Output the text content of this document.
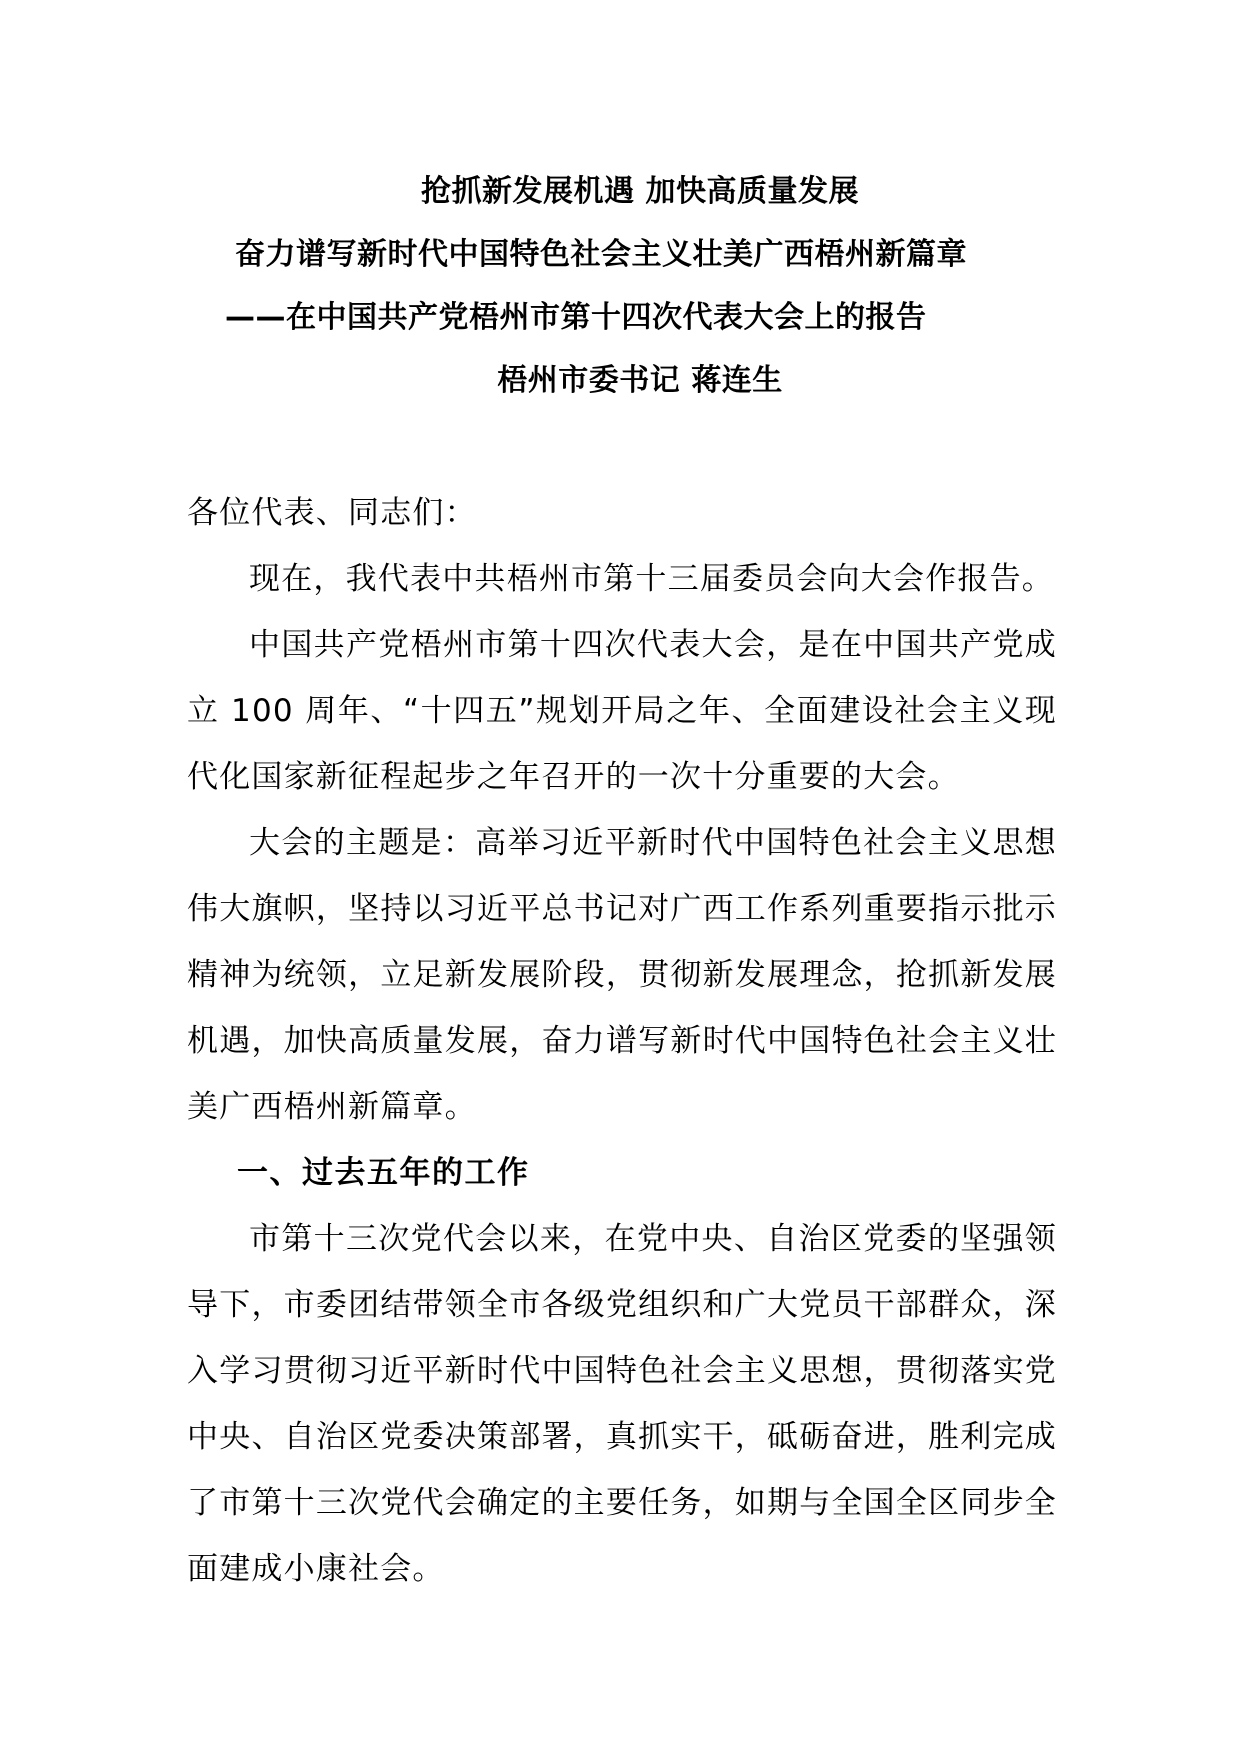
抢抓新发展机遇 加快高质量发展
奋力谱写新时代中国特色社会主义壮美广西梧州新篇章
——在中国共产党梧州市第十四次代表大会上的报告
梧州市委书记 蒋连生

各位代表、同志们：

现在，我代表中共梧州市第十三届委员会向大会作报告。

中国共产党梧州市第十四次代表大会，是在中国共产党成立 100 周年、“十四五”规划开局之年、全面建设社会主义现代化国家新征程起步之年召开的一次十分重要的大会。

大会的主题是：高举习近平新时代中国特色社会主义思想伟大旗帜，坚持以习近平总书记对广西工作系列重要指示批示精神为统领，立足新发展阶段，贯彻新发展理念，抢抓新发展机遇，加快高质量发展，奋力谱写新时代中国特色社会主义壮美广西梧州新篇章。

一、过去五年的工作

市第十三次党代会以来，在党中央、自治区党委的坚强领导下，市委团结带领全市各级党组织和广大党员干部群众，深入学习贯彻习近平新时代中国特色社会主义思想，贯彻落实党中央、自治区党委决策部署，真抓实干，砥砺奋进，胜利完成了市第十三次党代会确定的主要任务，如期与全国全区同步全面建成小康社会。
